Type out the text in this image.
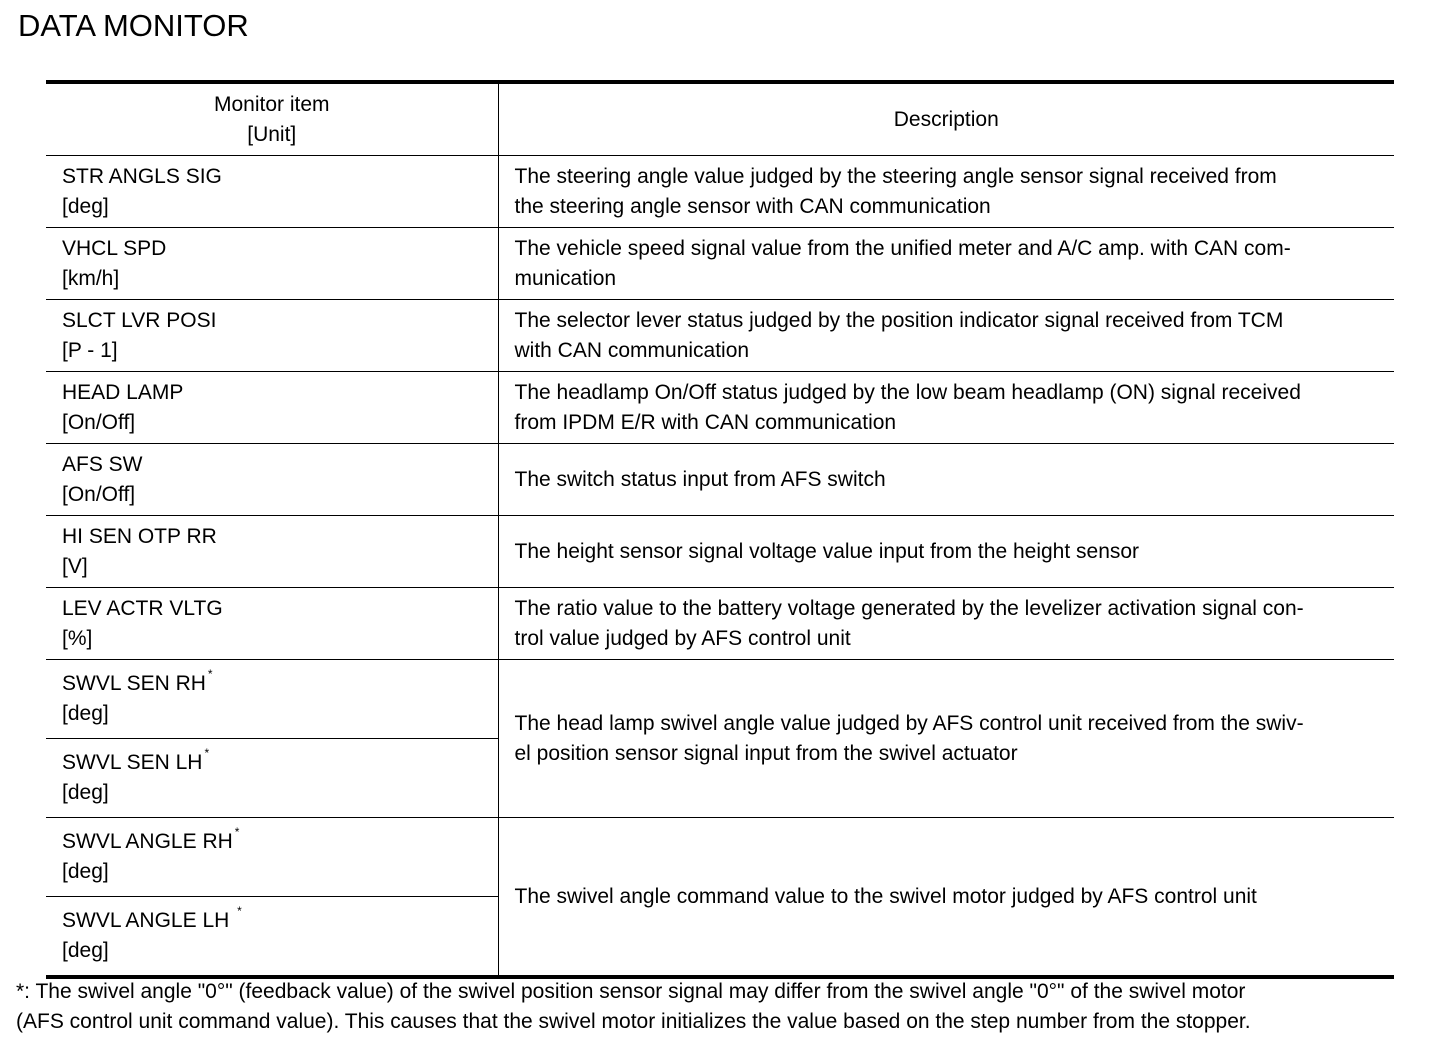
DATA MONITOR
Monitor item
[Unit]	Description

STR ANGLS SIG
[deg]	The steering angle value judged by the steering angle sensor signal received from
the steering angle sensor with CAN communication

VHCL SPD
[km/h]	The vehicle speed signal value from the unified meter and A/C amp. with CAN com-
munication

SLCT LVR POSI
[P - 1]	The selector lever status judged by the position indicator signal received from TCM
with CAN communication

HEAD LAMP
[On/Off]	The headlamp On/Off status judged by the low beam headlamp (ON) signal received
from IPDM E/R with CAN communication

AFS SW
[On/Off]	The switch status input from AFS switch

HI SEN OTP RR
[V]	The height sensor signal voltage value input from the height sensor

LEV ACTR VLTG
[%]	The ratio value to the battery voltage generated by the levelizer activation signal con-
trol value judged by AFS control unit

SWVL SEN RH *
[deg]	The head lamp swivel angle value judged by AFS control unit received from the swiv-
el position sensor signal input from the swivel actuator

SWVL SEN LH *
[deg]	

SWVL ANGLE RH *
[deg]	The swivel angle command value to the swivel motor judged by AFS control unit

SWVL ANGLE LH *
[deg]	
*: The swivel angle "0°" (feedback value) of the swivel position sensor signal may differ from the swivel angle "0°" of the swivel motor
(AFS control unit command value). This causes that the swivel motor initializes the value based on the step number from the stopper.
